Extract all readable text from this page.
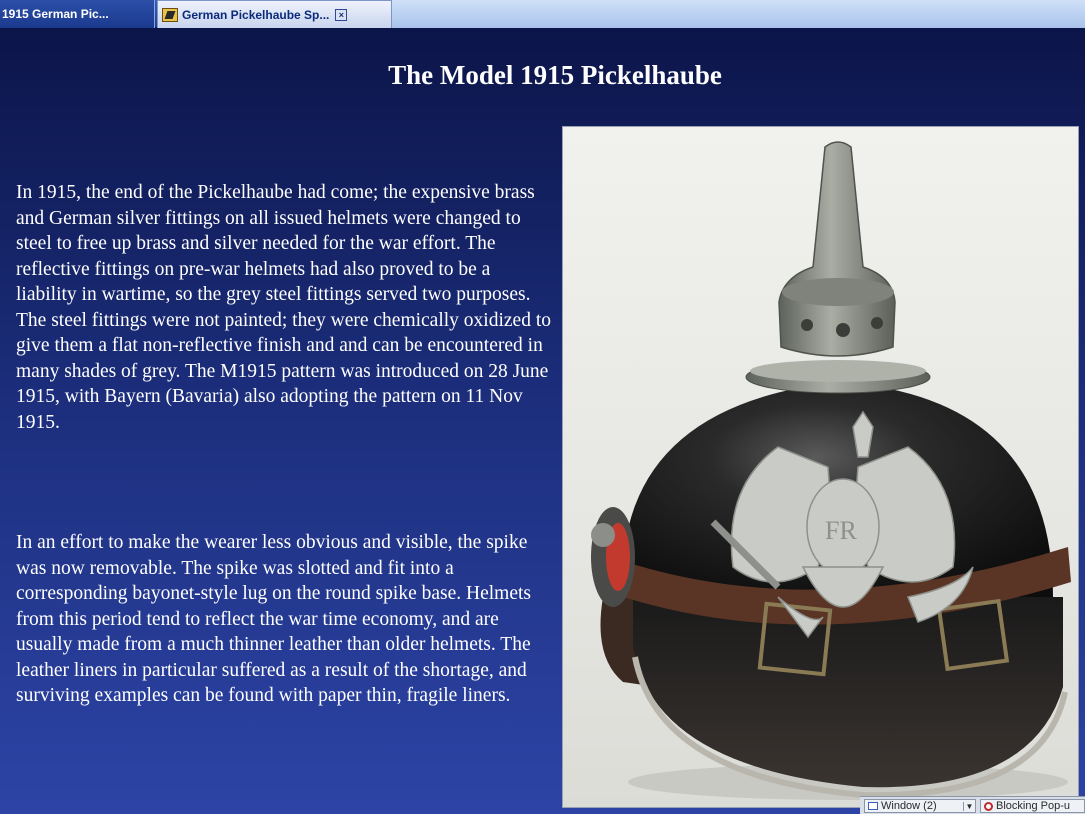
1915 German Pic...	German Pickelhaube Sp...	×
The Model 1915 Pickelhaube

In 1915, the end of the Pickelhaube had come; the expensive brass and German silver fittings on all issued helmets were changed to steel to free up brass and silver needed for the war effort. The reflective fittings on pre-war helmets had also proved to be a liability in wartime, so the grey steel fittings served two purposes. The steel fittings were not painted; they were chemically oxidized to give them a flat non-reflective finish and and can be encountered in many shades of grey. The M1915 pattern was introduced on 28 June 1915, with Bayern (Bavaria) also adopting the pattern on 11 Nov 1915.

In an effort to make the wearer less obvious and visible, the spike was now removable. The spike was slotted and fit into a corresponding bayonet-style lug on the round spike base. Helmets from this period tend to reflect the war time economy, and are usually made from a much thinner leather than older helmets. The leather liners in particular suffered as a result of the shortage, and surviving examples can be found with paper thin, fragile liners.

FR
Window (2)	▼ Blocking Pop-u
